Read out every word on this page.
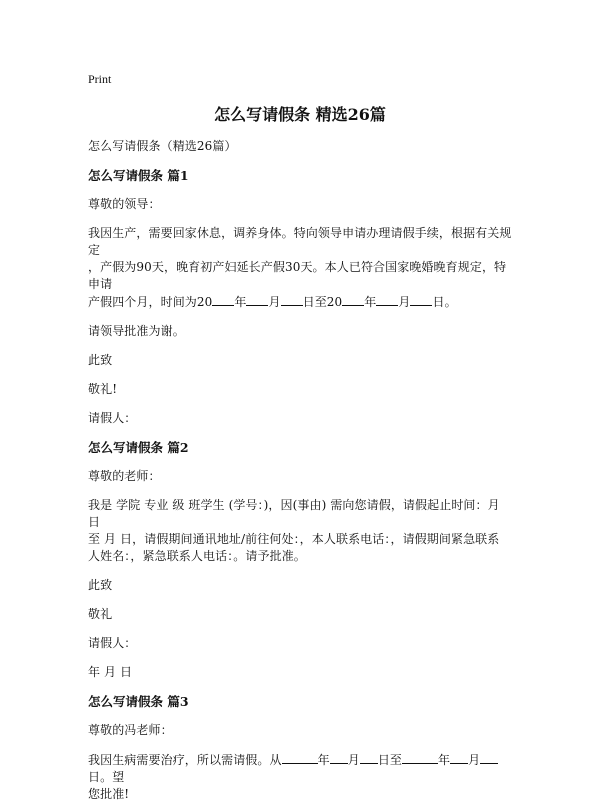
Print
怎么写请假条 精选26篇
怎么写请假条（精选26篇）
怎么写请假条 篇1
尊敬的领导：
我因生产，需要回家休息，调养身体。特向领导申请办理请假手续，根据有关规定
，产假为90天，晚育初产妇延长产假30天。本人已符合国家晚婚晚育规定，特申请
产假四个月，时间为20 年 月 日至20 年 月 日。
请领导批准为谢。
此致
敬礼!
请假人：
怎么写请假条 篇2
尊敬的老师：
我是 学院 专业 级 班学生 (学号：)，因(事由) 需向您请假，请假起止时间：月 日
至 月 日，请假期间通讯地址/前往何处：，本人联系电话：，请假期间紧急联系
人姓名：，紧急联系人电话：。请予批准。
此致
敬礼
请假人：
年 月 日
怎么写请假条 篇3
尊敬的冯老师：
我因生病需要治疗，所以需请假。从	年 月 日至	年 月日。望
您批准!
